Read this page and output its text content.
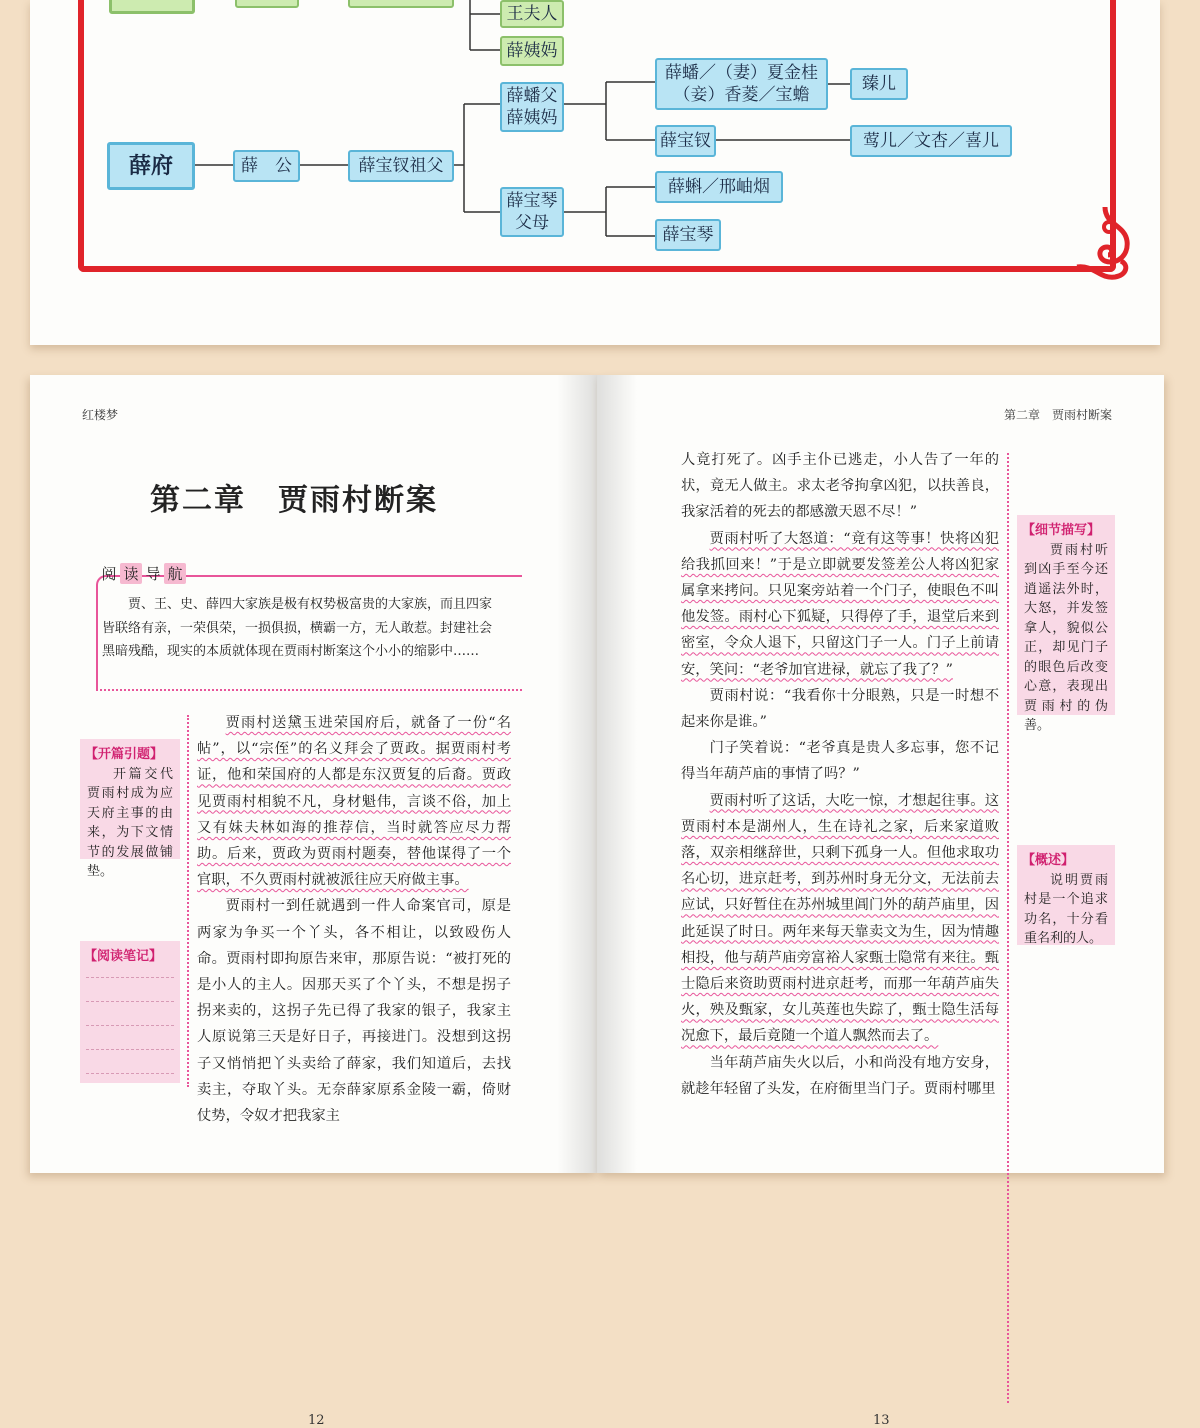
王夫人
薛姨妈
薛府	薛　公	薛宝钗祖父
薛蟠父
薛姨妈
薛宝琴
父母
薛蟠／（妻）夏金桂
（妾）香菱／宝蟾
臻儿
薛宝钗	莺儿／文杏／喜儿
薛蝌／邢岫烟
薛宝琴
红楼梦
第二章　贾雨村断案
阅 读 导 航
贾、王、史、薛四大家族是极有权势极富贵的大家族，而且四家皆联络有亲，一荣俱荣，一损俱损，横霸一方，无人敢惹。封建社会黑暗残酷，现实的本质就体现在贾雨村断案这个小小的缩影中……
【开篇引题】
开篇交代贾雨村成为应天府主事的由来，为下文情节的发展做铺垫。
【阅读笔记】

贾雨村送黛玉进荣国府后，就备了一份“名帖”，以“宗侄”的名义拜会了贾政。据贾雨村考证，他和荣国府的人都是东汉贾复的后裔。贾政见贾雨村相貌不凡，身材魁伟，言谈不俗，加上又有妹夫林如海的推荐信，当时就答应尽力帮助。后来，贾政为贾雨村题奏，替他谋得了一个官职，不久贾雨村就被派往应天府做主事。

贾雨村一到任就遇到一件人命案官司，原是两家为争买一个丫头，各不相让，以致殴伤人命。贾雨村即拘原告来审，那原告说：“被打死的是小人的主人。因那天买了个丫头，不想是拐子拐来卖的，这拐子先已得了我家的银子，我家主人原说第三天是好日子，再接进门。没想到这拐子又悄悄把丫头卖给了薛家，我们知道后，去找卖主，夺取丫头。无奈薛家原系金陵一霸，倚财仗势，令奴才把我家主

12
第二章　贾雨村断案

人竟打死了。凶手主仆已逃走，小人告了一年的状，竟无人做主。求太老爷拘拿凶犯，以扶善良，我家活着的死去的都感激天恩不尽！”

贾雨村听了大怒道：“竟有这等事！快将凶犯给我抓回来！”于是立即就要发签差公人将凶犯家属拿来拷问。只见案旁站着一个门子，使眼色不叫他发签。雨村心下狐疑，只得停了手，退堂后来到密室，令众人退下，只留这门子一人。门子上前请安，笑问：“老爷加官进禄，就忘了我了？”

贾雨村说：“我看你十分眼熟，只是一时想不起来你是谁。”

门子笑着说：“老爷真是贵人多忘事，您不记得当年葫芦庙的事情了吗？”

贾雨村听了这话，大吃一惊，才想起往事。这贾雨村本是湖州人，生在诗礼之家，后来家道败落，双亲相继辞世，只剩下孤身一人。但他求取功名心切，进京赶考，到苏州时身无分文，无法前去应试，只好暂住在苏州城里阊门外的葫芦庙里，因此延误了时日。两年来每天靠卖文为生，因为情趣相投，他与葫芦庙旁富裕人家甄士隐常有来往。甄士隐后来资助贾雨村进京赶考，而那一年葫芦庙失火，殃及甄家，女儿英莲也失踪了，甄士隐生活每况愈下，最后竟随一个道人飘然而去了。

当年葫芦庙失火以后，小和尚没有地方安身，就趁年轻留了头发，在府衙里当门子。贾雨村哪里

【细节描写】
贾雨村听到凶手至今还逍遥法外时，大怒，并发签拿人，貌似公正，却见门子的眼色后改变心意，表现出贾雨村的伪善。
【概述】
说明贾雨村是一个追求功名，十分看重名利的人。
13
